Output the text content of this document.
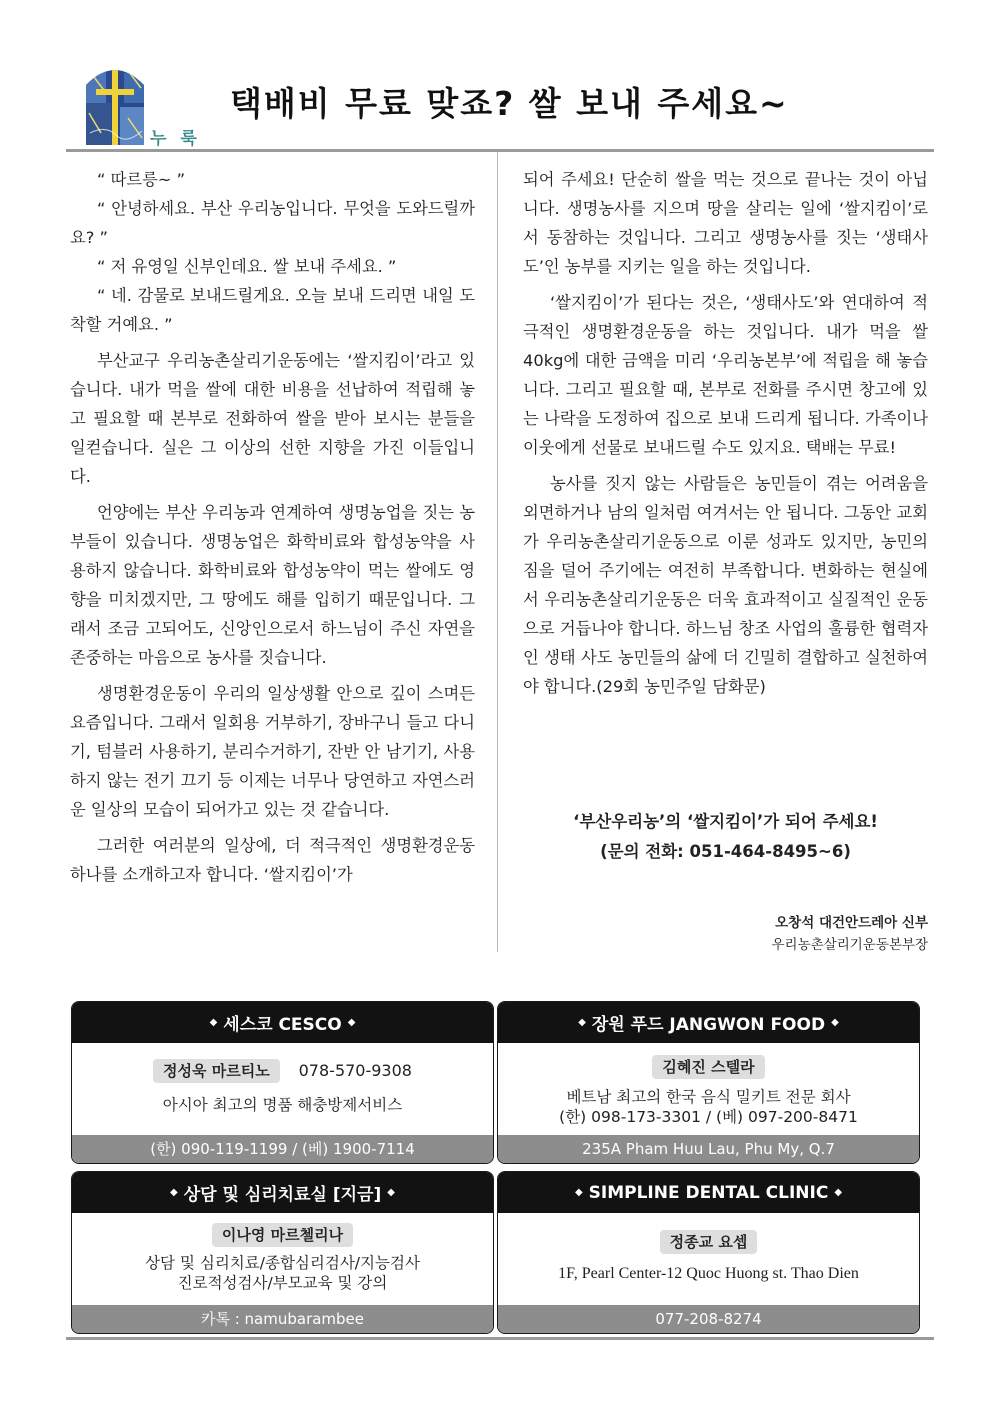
누 룩
택배비 무료 맞죠? 쌀 보내 주세요~

“ 따르릉~ ”

“ 안녕하세요. 부산 우리농입니다. 무엇을 도와드릴까요? ”

“ 저 유영일 신부인데요. 쌀 보내 주세요. ”

“ 네. 감물로 보내드릴게요. 오늘 보내 드리면 내일 도착할 거예요. ”

부산교구 우리농촌살리기운동에는 ‘쌀지킴이’라고 있습니다. 내가 먹을 쌀에 대한 비용을 선납하여 적립해 놓고 필요할 때 본부로 전화하여 쌀을 받아 보시는 분들을 일컫습니다. 실은 그 이상의 선한 지향을 가진 이들입니다.

언양에는 부산 우리농과 연계하여 생명농업을 짓는 농부들이 있습니다. 생명농업은 화학비료와 합성농약을 사용하지 않습니다. 화학비료와 합성농약이 먹는 쌀에도 영향을 미치겠지만, 그 땅에도 해를 입히기 때문입니다. 그래서 조금 고되어도, 신앙인으로서 하느님이 주신 자연을 존중하는 마음으로 농사를 짓습니다.

생명환경운동이 우리의 일상생활 안으로 깊이 스며든 요즘입니다. 그래서 일회용 거부하기, 장바구니 들고 다니기, 텀블러 사용하기, 분리수거하기, 잔반 안 남기기, 사용하지 않는 전기 끄기 등 이제는 너무나 당연하고 자연스러운 일상의 모습이 되어가고 있는 것 같습니다.

그러한 여러분의 일상에, 더 적극적인 생명환경운동 하나를 소개하고자 합니다. ‘쌀지킴이’가

되어 주세요! 단순히 쌀을 먹는 것으로 끝나는 것이 아닙니다. 생명농사를 지으며 땅을 살리는 일에 ‘쌀지킴이’로서 동참하는 것입니다. 그리고 생명농사를 짓는 ‘생태사도’인 농부를 지키는 일을 하는 것입니다.

‘쌀지킴이’가 된다는 것은, ‘생태사도’와 연대하여 적극적인 생명환경운동을 하는 것입니다. 내가 먹을 쌀 40kg에 대한 금액을 미리 ‘우리농본부’에 적립을 해 놓습니다. 그리고 필요할 때, 본부로 전화를 주시면 창고에 있는 나락을 도정하여 집으로 보내 드리게 됩니다. 가족이나 이웃에게 선물로 보내드릴 수도 있지요. 택배는 무료!

농사를 짓지 않는 사람들은 농민들이 겪는 어려움을 외면하거나 남의 일처럼 여겨서는 안 됩니다. 그동안 교회가 우리농촌살리기운동으로 이룬 성과도 있지만, 농민의 짐을 덜어 주기에는 여전히 부족합니다. 변화하는 현실에서 우리농촌살리기운동은 더욱 효과적이고 실질적인 운동으로 거듭나야 합니다. 하느님 창조 사업의 훌륭한 협력자인 생태 사도 농민들의 삶에 더 긴밀히 결합하고 실천하여야 합니다.(29회 농민주일 담화문)

‘부산우리농’의 ‘쌀지킴이’가 되어 주세요!
(문의 전화: 051-464-8495~6)
오창석 대건안드레아 신부
우리농촌살리기운동본부장
◆ 세스코 CESCO ◆
정성욱 마르티노 078-570-9308
아시아 최고의 명품 해충방제서비스
(한) 090-119-1199 / (베) 1900-7114
◆ 장원 푸드 JANGWON FOOD ◆
김혜진 스텔라
베트남 최고의 한국 음식 밀키트 전문 회사
(한) 098-173-3301 / (베) 097-200-8471
235A Pham Huu Lau, Phu My, Q.7
◆ 상담 및 심리치료실 [지금] ◆
이나영 마르첼리나
상담 및 심리치료/종합심리검사/지능검사
진로적성검사/부모교육 및 강의
카톡 : namubarambee
◆ SIMPLINE DENTAL CLINIC ◆
정종교 요셉
1F, Pearl Center-12 Quoc Huong st. Thao Dien
077-208-8274
